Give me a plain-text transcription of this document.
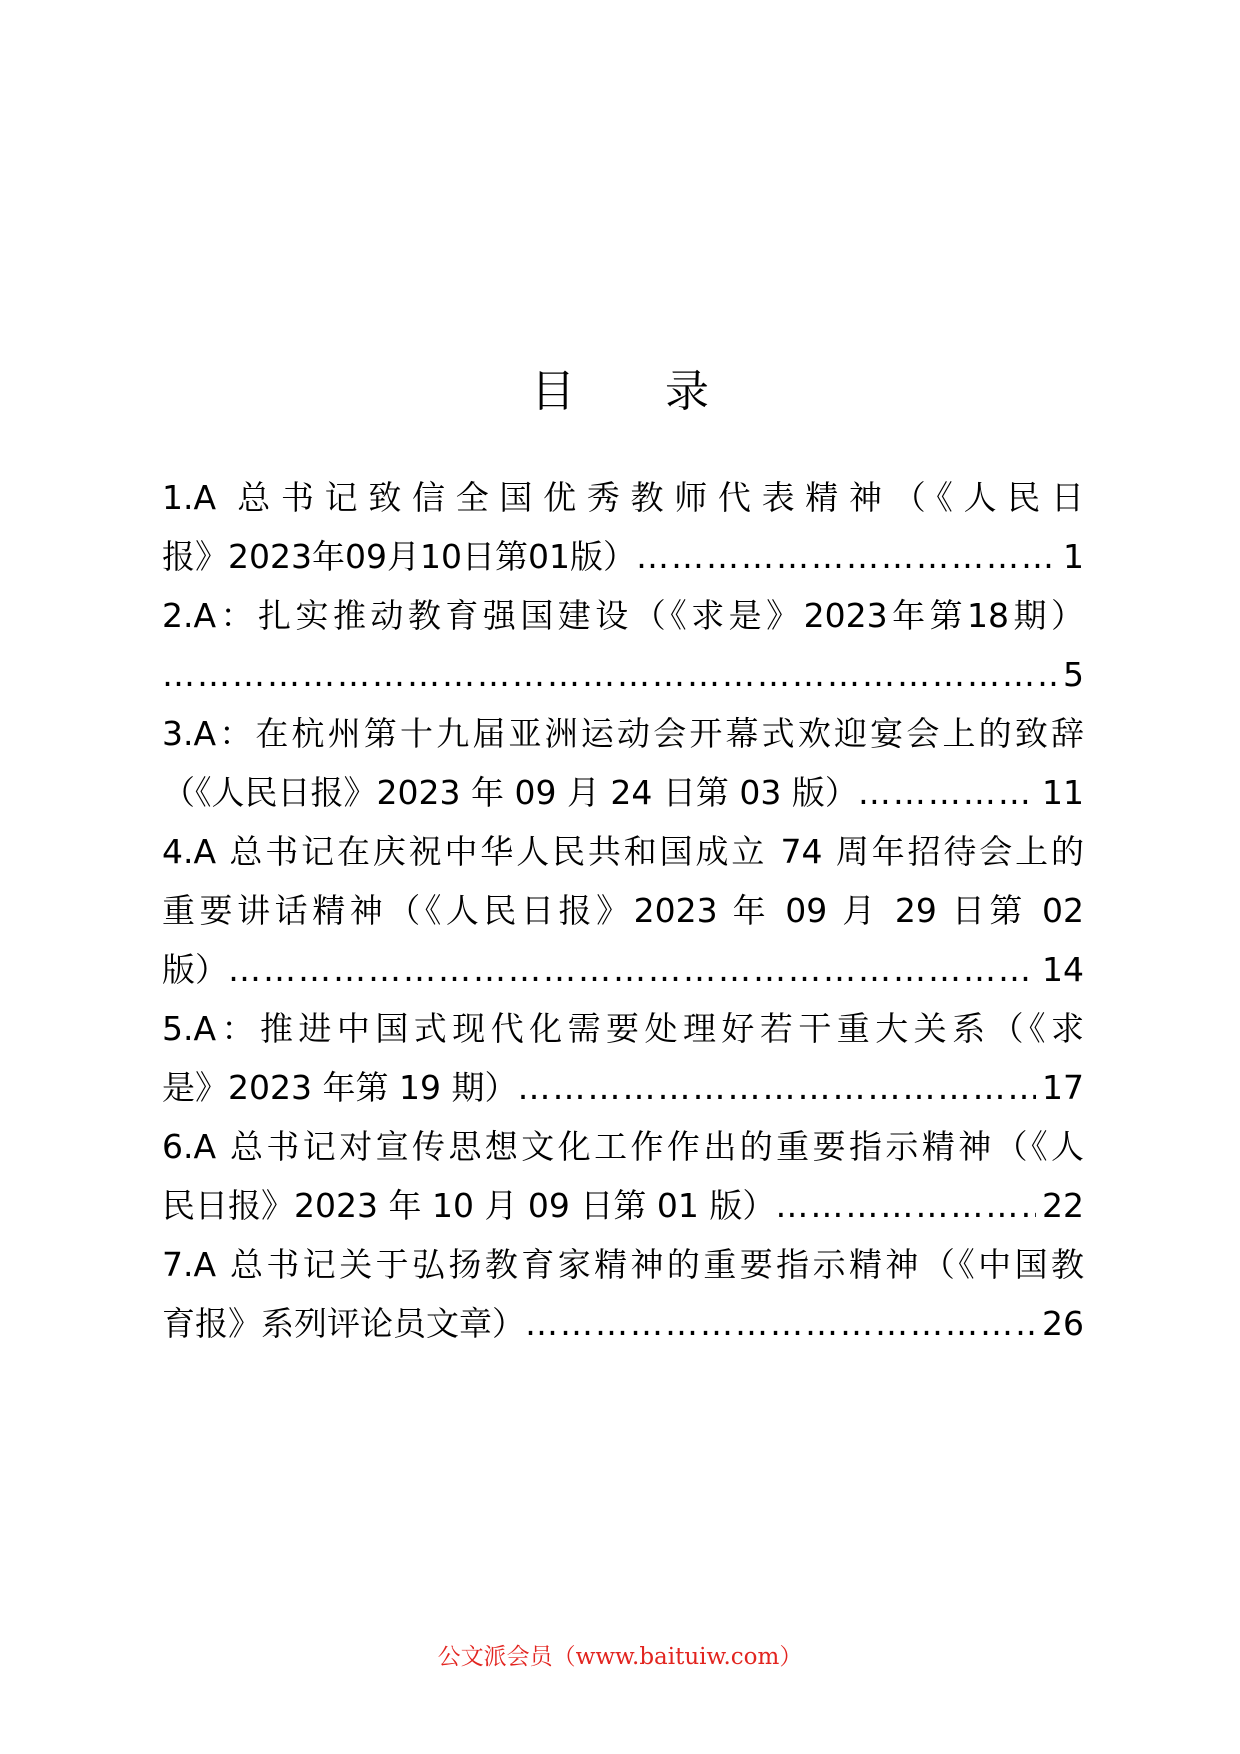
目 录
1.A 总书记致信全国优秀教师代表精神（《人民日
报》2023年09月10日第01版） …………………………………………………………………………………………………………………………………………………………………………	1
2.A：扎实推动教育强国建设（《求是》2023年第18期）
…………………………………………………………………………………………………………………………………………………………………………
5
3.A：在杭州第十九届亚洲运动会开幕式欢迎宴会上的致辞
（《人民日报》2023 年 09 月 24 日第 03 版） …………………………………………………………………………………………………………………………………………………………………………	11
4.A 总书记在庆祝中华人民共和国成立 74 周年招待会上的
重要讲话精神（《人民日报》2023 年 09 月 29 日第 02
版） …………………………………………………………………………………………………………………………………………………………………………	14
5.A：推进中国式现代化需要处理好若干重大关系（《求
是》2023 年第 19 期） …………………………………………………………………………………………………………………………………………………………………………	17
6.A 总书记对宣传思想文化工作作出的重要指示精神（《人
民日报》2023 年 10 月 09 日第 01 版） …………………………………………………………………………………………………………………………………………………………………………	22
7.A 总书记关于弘扬教育家精神的重要指示精神（《中国教
育报》系列评论员文章） …………………………………………………………………………………………………………………………………………………………………………	26
公文派会员（www.baituiw.com）
